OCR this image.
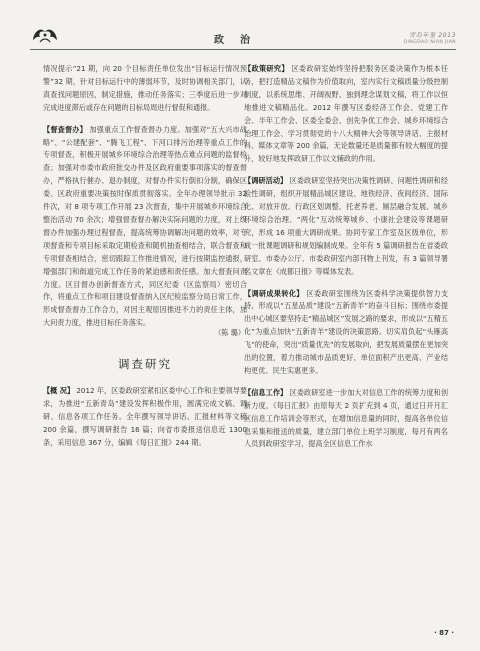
政治	青岛年鉴 2013
QINGDAO NIAN JIAN

情况提示”21 期，向 20 个目标责任单位发出“目标运行情况预警”32 期，针对目标运行中的薄弱环节，及时协调相关部门，认真查找问题原因，制定措施，推动任务落实；三季度后进一步对完成进度滞后或存在问题的目标局周进行督促和通报。

【督查督办】 加强重点工作督查督办力度。加强对“五大兴市战略”、“公建配套”、“腾飞工程”、下河口排污治理等重点工作的专项督查，积极开展城乡环境综合治理等热点难点问题的监督检查；加强对市委市政府批交办件及区政府重要事项落实的督查督办，严格执行催办、退办制度，对督办件实行倒扣分制，确保区委、区政府重要决策按时保质贯彻落实。全年办理领导批示 32 件次，对 8 项专项工作开展 23 次督查，集中开展城乡环境综合整治活动 70 余次；增强督查督办解决实际问题的力度，对上级督办件加强办理过程督查，提高统筹协调解决问题的效率，对专项督查和专项目标采取定期检查和随机抽查相结合，联合督查和专项督查相结合，密切跟踪工作推进情况，进行按期监控通报，增强部门和街道完成工作任务的紧迫感和责任感。加大督查问责力度。区目督办创新督查方式，同区纪委（区监察局）密切合作，将重点工作和项目建设督查纳入区纪检监察分局日常工作，形成督查督办工作合力，对因主观原因推进不力的责任主体，加大问责力度，推进目标任务落实。

（陈 璐）
调查研究

【概 况】 2012 年，区委政研室紧扣区委中心工作和主要领导要求，为推进“五新青岛”建设发挥积极作用，圆满完成文稿、调研、信息各项工作任务。全年撰写领导讲话、汇报材料等文稿 200 余篇，撰写调研报告 16 篇；向省市委报送信息近 1300 条，采用信息 367 分，编辑《每日汇报》244 期。

【政策研究】 区委政研室始终坚持把服务区委决策作为根本任务，把打造精品文稿作为价值取向，室内实行文稿质量分级控制制度，以系统思维、开阔视野、独到理念谋划文稿，将工作以恒地推进文稿精品化。2012 年撰写区委经济工作会、党建工作会、半年工作会、区委全委会、创先争优工作会、城乡环境综合治理工作会、学习贯彻党的十八大精神大会等领导讲话、主报材料、媒体文章等 200 余篇，无论数量还是质量都有较大幅度的提升，较好地发挥政研工作以文辅政的作用。

【调研活动】 区委政研室坚持突出决策性调研、问题性调研和经验性调研，组织开展精品城区建设、地铁经济、夜间经济、国际化、对放开放、行政区划调整、托老养老、厕层融合发展、城乡环境综合治理、“两化”互动统筹城乡、小康社会建设等课题研究，形成 16 项重大调研成果。协同专家工作室及区级单位，形成一批课题调研和规划编制成果。全年有 5 篇调研报告在省委政研室、市委办公厅、市委政研室内部刊物上刊发，有 3 篇领导署名文章在《成都日报》等媒体发表。

【调研成果转化】 区委政研室围绕为区委科学决策提供智力支持，形成以“五星品质”建设“五新青羊”的奋斗目标；围绕市委提出中心城区要坚持走“精品城区”发展之路的要求，形成以“五精五化”为重点加快“五新青羊”建设的决策思路。切实肩负起“头雁高飞”的使命，突出“质量优先”的发展取向，把发展质量摆在更加突出的位置，着力推动城市品质更好、单位面积产出更高、产业结构更优、民生实惠更多。

【信息工作】 区委政研室进一步加大对信息工作的统筹力度和创新力度，《每日汇报》由原每天 2 页扩充到 4 页，通过日开月汇区信息工作培训会等形式，在增加信息量的同时，提高各单位信息采集和报送的质量，建立部门单位上班学习制度，每月有两名人员到政研室学习，提高全区信息工作水

· 87 ·
